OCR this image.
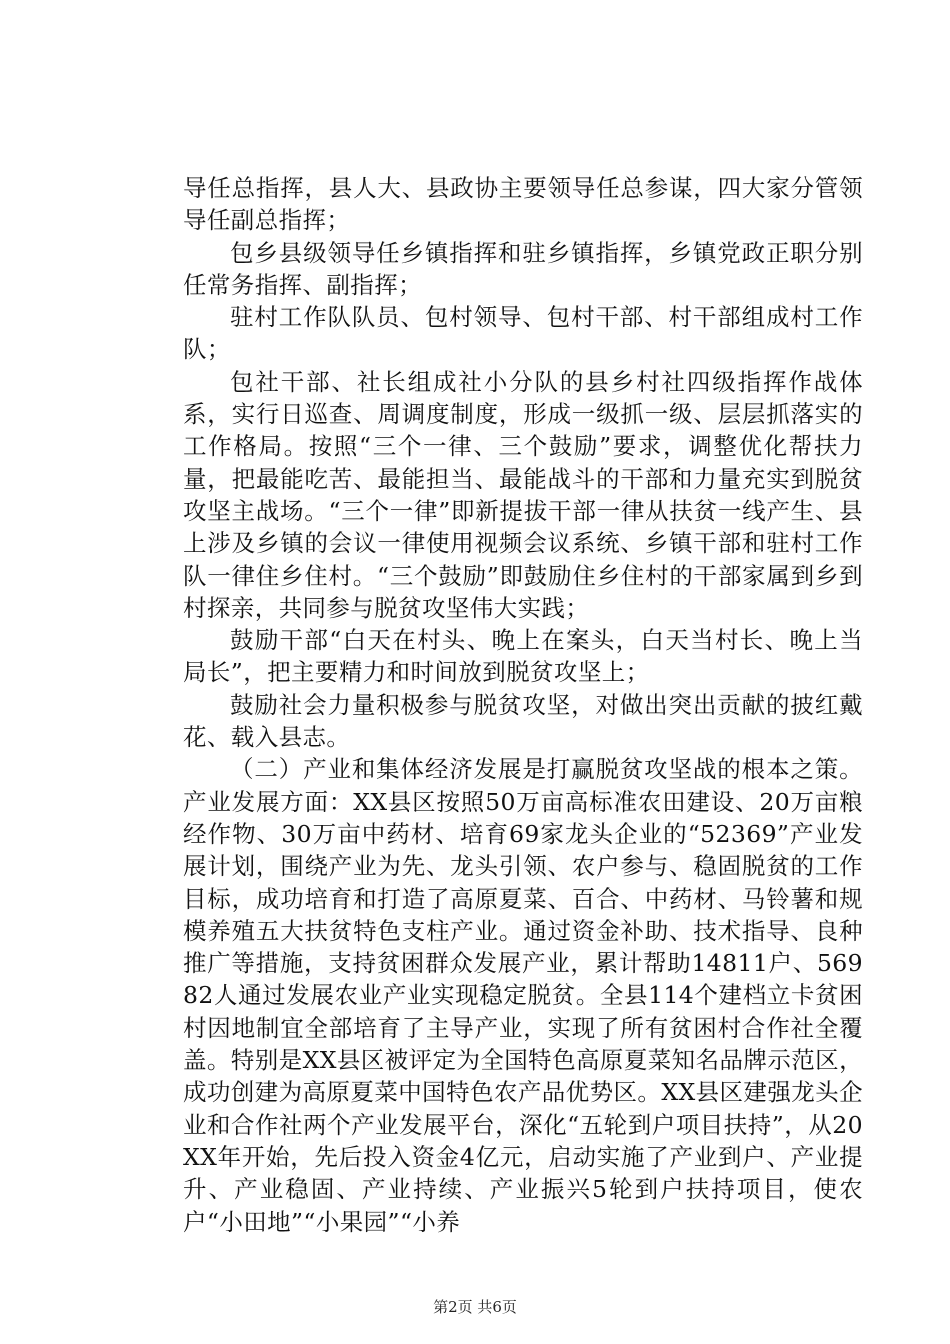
导任总指挥，县人大、县政协主要领导任总参谋，四大家分管领导任副总指挥；

包乡县级领导任乡镇指挥和驻乡镇指挥，乡镇党政正职分别任常务指挥、副指挥；

驻村工作队队员、包村领导、包村干部、村干部组成村工作队；

包社干部、社长组成社小分队的县乡村社四级指挥作战体系，实行日巡查、周调度制度，形成一级抓一级、层层抓落实的工作格局。按照“三个一律、三个鼓励”要求，调整优化帮扶力量，把最能吃苦、最能担当、最能战斗的干部和力量充实到脱贫攻坚主战场。“三个一律”即新提拔干部一律从扶贫一线产生、县上涉及乡镇的会议一律使用视频会议系统、乡镇干部和驻村工作队一律住乡住村。“三个鼓励”即鼓励住乡住村的干部家属到乡到村探亲，共同参与脱贫攻坚伟大实践；

鼓励干部“白天在村头、晚上在案头，白天当村长、晚上当局长”，把主要精力和时间放到脱贫攻坚上；

鼓励社会力量积极参与脱贫攻坚，对做出突出贡献的披红戴花、载入县志。

（二）产业和集体经济发展是打赢脱贫攻坚战的根本之策。产业发展方面：XX县区按照50万亩高标准农田建设、20万亩粮经作物、30万亩中药材、培育69家龙头企业的“52369”产业发展计划，围绕产业为先、龙头引领、农户参与、稳固脱贫的工作目标，成功培育和打造了高原夏菜、百合、中药材、马铃薯和规模养殖五大扶贫特色支柱产业。通过资金补助、技术指导、良种推广等措施，支持贫困群众发展产业，累计帮助14811户、56982人通过发展农业产业实现稳定脱贫。全县114个建档立卡贫困村因地制宜全部培育了主导产业，实现了所有贫困村合作社全覆盖。特别是XX县区被评定为全国特色高原夏菜知名品牌示范区，成功创建为高原夏菜中国特色农产品优势区。XX县区建强龙头企业和合作社两个产业发展平台，深化“五轮到户项目扶持”，从20XX年开始，先后投入资金4亿元，启动实施了产业到户、产业提升、产业稳固、产业持续、产业振兴5轮到户扶持项目，使农户“小田地”“小果园”“小养

第2页 共6页
